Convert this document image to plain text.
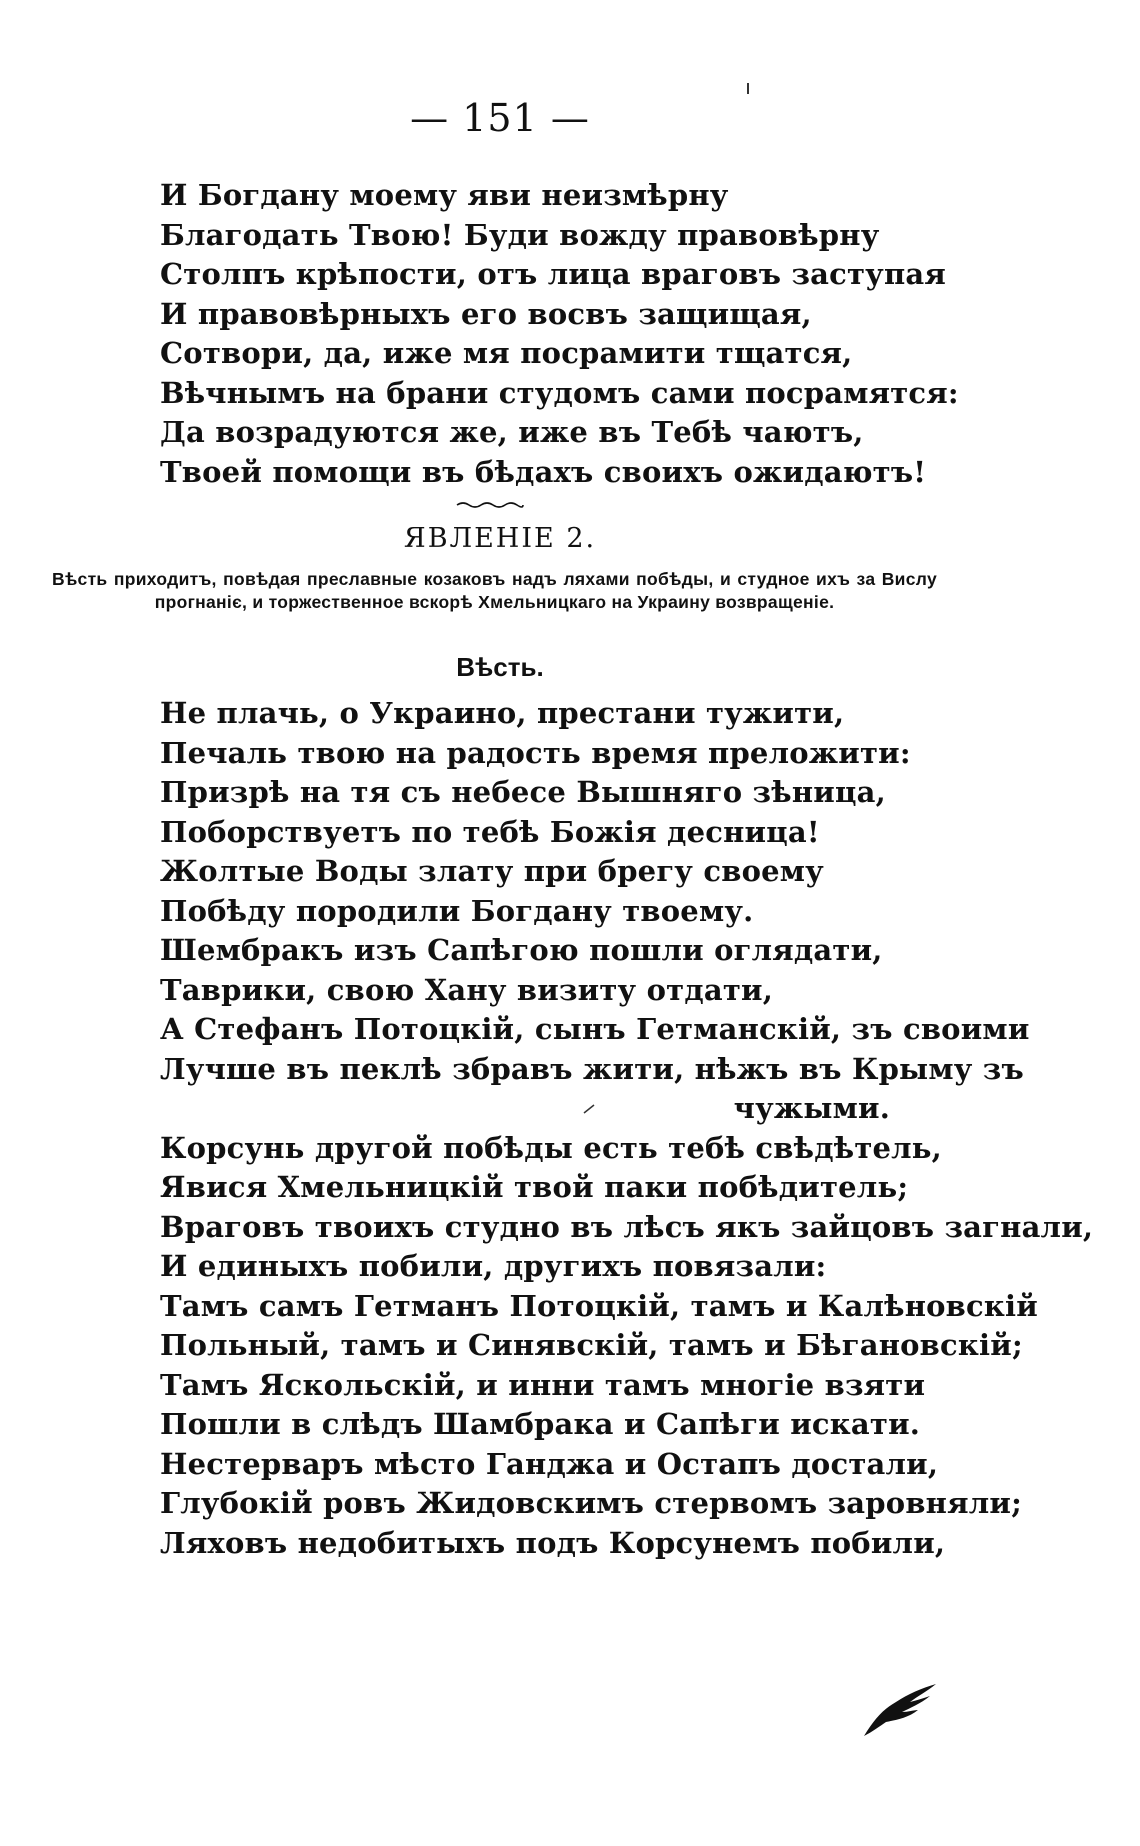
— 151 —
И Богдану моему яви неизмѣрну
Благодать Твою! Буди вожду правовѣрну
Столпъ крѣпости, отъ лица враговъ заступая
И правовѣрныхъ его восвъ защищая,
Сотвори, да, иже мя посрамити тщатся,
Вѣчнымъ на брани студомъ сами посрамятся:
Да возрадуются же, иже въ Тебѣ чаютъ,
Твоей помощи въ бѣдахъ своихъ ожидаютъ!
ЯВЛЕНІЕ 2.
Вѣсть приходитъ, повѣдая преславные козаковъ надъ ляхами побѣды, и студное ихъ за Вислу прогнаніє, и торжественное вскорѣ Хмельницкаго на Украину возвращеніе.
Вѣсть.
Не плачь, о Украино, престани тужити,
Печаль твою на радость время преложити:
Призрѣ на тя съ небесе Вышняго зѣница,
Поборствуетъ по тебѣ Божія десница!
Жолтые Воды злату при брегу своему
Побѣду породили Богдану твоему.
Шембракъ изъ Сапѣгою пошли оглядати,
Таврики, свою Хану визиту отдати,
А Стефанъ Потоцкій, сынъ Гетманскій, зъ своими
Лучше въ пеклѣ збравъ жити, нѣжъ въ Крыму зъ
чужыми.
Корсунь другой побѣды есть тебѣ свѣдѣтель,
Явися Хмельницкій твой паки побѣдитель;
Враговъ твоихъ студно въ лѣсъ якъ зайцовъ загнали,
И единыхъ побили, другихъ повязали:
Тамъ самъ Гетманъ Потоцкій, тамъ и Калѣновскій
Польный, тамъ и Синявскій, тамъ и Бѣгановскій;
Тамъ Яскольскій, и инни тамъ многіе взяти
Пошли в слѣдъ Шамбрака и Сапѣги искати.
Нестерваръ мѣсто Ганджа и Остапъ достали,
Глубокій ровъ Жидовскимъ стервомъ заровняли;
Ляховъ недобитыхъ подъ Корсунемъ побили,
